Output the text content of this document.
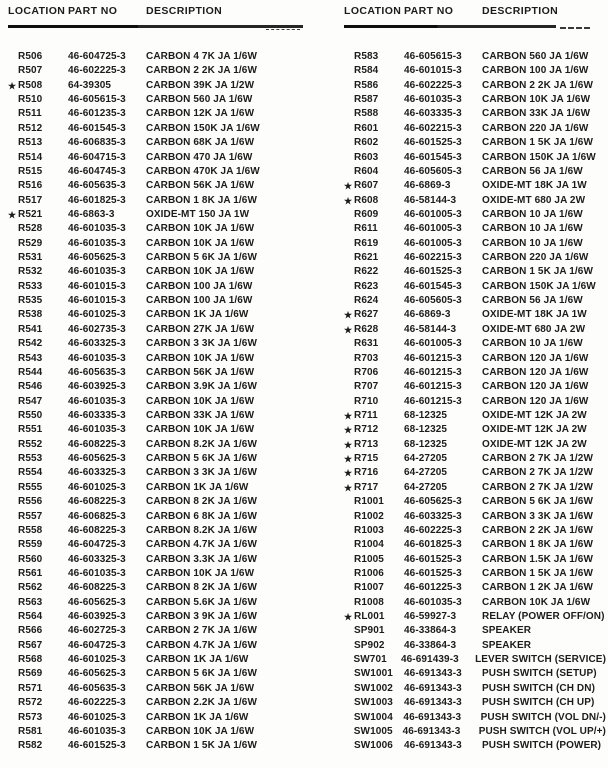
LOCATION PART NO	DESCRIPTION
R506	46-604725-3	CARBON 4 7K JA 1/6W
R507	46-602225-3	CARBON 2 2K JA 1/6W
★ R508	64-39305	CARBON 39K JA 1/2W
R510	46-605615-3	CARBON 560 JA 1/6W
R511	46-601235-3	CARBON 12K JA 1/6W
R512	46-601545-3	CARBON 150K JA 1/6W
R513	46-606835-3	CARBON 68K JA 1/6W
R514	46-604715-3	CARBON 470 JA 1/6W
R515	46-604745-3	CARBON 470K JA 1/6W
R516	46-605635-3	CARBON 56K JA 1/6W
R517	46-601825-3	CARBON 1 8K JA 1/6W
★ R521	46-6863-3	OXIDE-MT 150 JA 1W
R528	46-601035-3	CARBON 10K JA 1/6W
R529	46-601035-3	CARBON 10K JA 1/6W
R531	46-605625-3	CARBON 5 6K JA 1/6W
R532	46-601035-3	CARBON 10K JA 1/6W
R533	46-601015-3	CARBON 100 JA 1/6W
R535	46-601015-3	CARBON 100 JA 1/6W
R538	46-601025-3	CARBON 1K JA 1/6W
R541	46-602735-3	CARBON 27K JA 1/6W
R542	46-603325-3	CARBON 3 3K JA 1/6W
R543	46-601035-3	CARBON 10K JA 1/6W
R544	46-605635-3	CARBON 56K JA 1/6W
R546	46-603925-3	CARBON 3.9K JA 1/6W
R547	46-601035-3	CARBON 10K JA 1/6W
R550	46-603335-3	CARBON 33K JA 1/6W
R551	46-601035-3	CARBON 10K JA 1/6W
R552	46-608225-3	CARBON 8.2K JA 1/6W
R553	46-605625-3	CARBON 5 6K JA 1/6W
R554	46-603325-3	CARBON 3 3K JA 1/6W
R555	46-601025-3	CARBON 1K JA 1/6W
R556	46-608225-3	CARBON 8 2K JA 1/6W
R557	46-606825-3	CARBON 6 8K JA 1/6W
R558	46-608225-3	CARBON 8.2K JA 1/6W
R559	46-604725-3	CARBON 4.7K JA 1/6W
R560	46-603325-3	CARBON 3.3K JA 1/6W
R561	46-601035-3	CARBON 10K JA 1/6W
R562	46-608225-3	CARBON 8 2K JA 1/6W
R563	46-605625-3	CARBON 5.6K JA 1/6W
R564	46-603925-3	CARBON 3 9K JA 1/6W
R566	46-602725-3	CARBON 2 7K JA 1/6W
R567	46-604725-3	CARBON 4.7K JA 1/6W
R568	46-601025-3	CARBON 1K JA 1/6W
R569	46-605625-3	CARBON 5 6K JA 1/6W
R571	46-605635-3	CARBON 56K JA 1/6W
R572	46-602225-3	CARBON 2.2K JA 1/6W
R573	46-601025-3	CARBON 1K JA 1/6W
R581	46-601035-3	CARBON 10K JA 1/6W
R582	46-601525-3	CARBON 1 5K JA 1/6W
LOCATION PART NO	DESCRIPTION
R583	46-605615-3	CARBON 560 JA 1/6W
R584	46-601015-3	CARBON 100 JA 1/6W
R586	46-602225-3	CARBON 2 2K JA 1/6W
R587	46-601035-3	CARBON 10K JA 1/6W
R588	46-603335-3	CARBON 33K JA 1/6W
R601	46-602215-3	CARBON 220 JA 1/6W
R602	46-601525-3	CARBON 1 5K JA 1/6W
R603	46-601545-3	CARBON 150K JA 1/6W
R604	46-605605-3	CARBON 56 JA 1/6W
★ R607	46-6869-3	OXIDE-MT 18K JA 1W
★ R608	46-58144-3	OXIDE-MT 680 JA 2W
R609	46-601005-3	CARBON 10 JA 1/6W
R611	46-601005-3	CARBON 10 JA 1/6W
R619	46-601005-3	CARBON 10 JA 1/6W
R621	46-602215-3	CARBON 220 JA 1/6W
R622	46-601525-3	CARBON 1 5K JA 1/6W
R623	46-601545-3	CARBON 150K JA 1/6W
R624	46-605605-3	CARBON 56 JA 1/6W
★ R627	46-6869-3	OXIDE-MT 18K JA 1W
★ R628	46-58144-3	OXIDE-MT 680 JA 2W
R631	46-601005-3	CARBON 10 JA 1/6W
R703	46-601215-3	CARBON 120 JA 1/6W
R706	46-601215-3	CARBON 120 JA 1/6W
R707	46-601215-3	CARBON 120 JA 1/6W
R710	46-601215-3	CARBON 120 JA 1/6W
★ R711	68-12325	OXIDE-MT 12K JA 2W
★ R712	68-12325	OXIDE-MT 12K JA 2W
★ R713	68-12325	OXIDE-MT 12K JA 2W
★ R715	64-27205	CARBON 2 7K JA 1/2W
★ R716	64-27205	CARBON 2 7K JA 1/2W
★ R717	64-27205	CARBON 2 7K JA 1/2W
R1001	46-605625-3	CARBON 5 6K JA 1/6W
R1002	46-603325-3	CARBON 3 3K JA 1/6W
R1003	46-602225-3	CARBON 2 2K JA 1/6W
R1004	46-601825-3	CARBON 1 8K JA 1/6W
R1005	46-601525-3	CARBON 1.5K JA 1/6W
R1006	46-601525-3	CARBON 1 5K JA 1/6W
R1007	46-601225-3	CARBON 1 2K JA 1/6W
R1008	46-601035-3	CARBON 10K JA 1/6W
★ RL001	46-59927-3	RELAY (POWER OFF/ON)
SP901	46-33864-3	SPEAKER
SP902	46-33864-3	SPEAKER
SW701	46-691439-3	LEVER SWITCH (SERVICE)
SW1001	46-691343-3	PUSH SWITCH (SETUP)
SW1002	46-691343-3	PUSH SWITCH (CH DN)
SW1003	46-691343-3	PUSH SWITCH (CH UP)
SW1004	46-691343-3	PUSH SWITCH (VOL DN/-)
SW1005 46-691343-3	PUSH SWITCH (VOL UP/+)
SW1006	46-691343-3	PUSH SWITCH (POWER)
